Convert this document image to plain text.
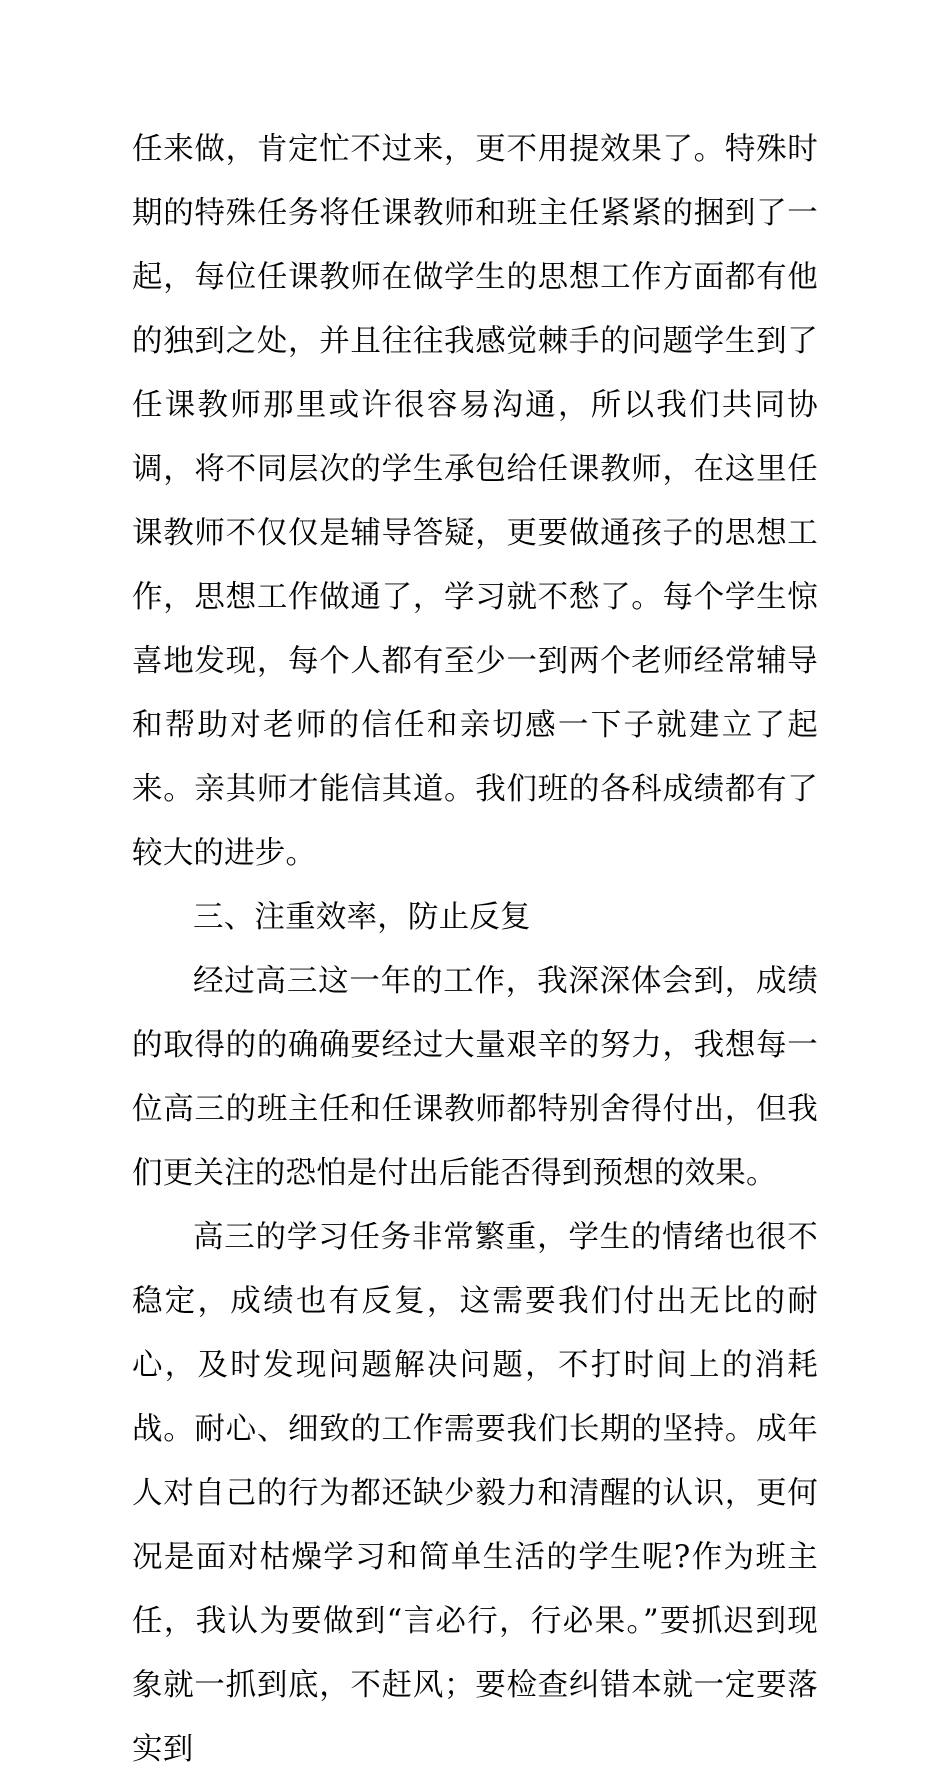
任来做，肯定忙不过来，更不用提效果了。特殊时期的特殊任务将任课教师和班主任紧紧的捆到了一起，每位任课教师在做学生的思想工作方面都有他的独到之处，并且往往我感觉棘手的问题学生到了任课教师那里或许很容易沟通，所以我们共同协调，将不同层次的学生承包给任课教师，在这里任课教师不仅仅是辅导答疑，更要做通孩子的思想工作，思想工作做通了，学习就不愁了。每个学生惊喜地发现，每个人都有至少一到两个老师经常辅导和帮助对老师的信任和亲切感一下子就建立了起来。亲其师才能信其道。我们班的各科成绩都有了较大的进步。

三、注重效率，防止反复

经过高三这一年的工作，我深深体会到，成绩的取得的的确确要经过大量艰辛的努力，我想每一位高三的班主任和任课教师都特别舍得付出，但我们更关注的恐怕是付出后能否得到预想的效果。

高三的学习任务非常繁重，学生的情绪也很不稳定，成绩也有反复，这需要我们付出无比的耐心，及时发现问题解决问题，不打时间上的消耗战。耐心、细致的工作需要我们长期的坚持。成年人对自己的行为都还缺少毅力和清醒的认识，更何况是面对枯燥学习和简单生活的学生呢?作为班主任，我认为要做到“言必行，行必果。”要抓迟到现象就一抓到底，不赶风；要检查纠错本就一定要落实到
